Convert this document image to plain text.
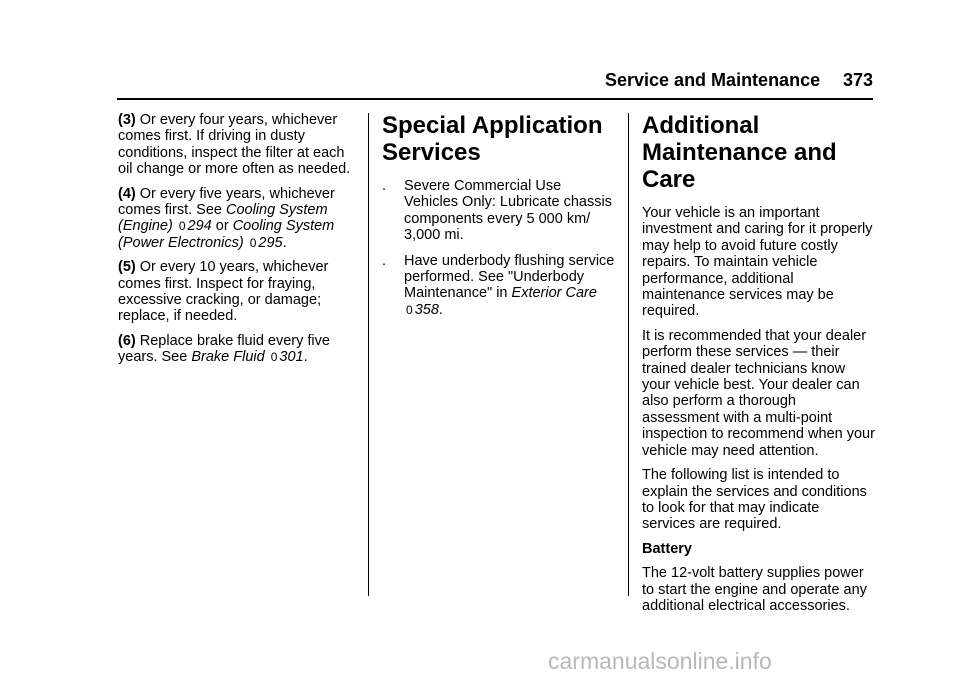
Service and Maintenance 373

(3) Or every four years, whichever comes first. If driving in dusty conditions, inspect the filter at each oil change or more often as needed.

(4) Or every five years, whichever comes first. See Cooling System (Engine) 0 294 or Cooling System (Power Electronics) 0 295.

(5) Or every 10 years, whichever comes first. Inspect for fraying, excessive cracking, or damage; replace, if needed.

(6) Replace brake fluid every five years. See Brake Fluid 0 301.

Special Application Services
.	Severe Commercial Use Vehicles Only: Lubricate chassis components every 5 000 km/ 3,000 mi.
.	Have underbody flushing service performed. See "Underbody Maintenance" in Exterior Care
0 358.
Additional Maintenance and Care

Your vehicle is an important investment and caring for it properly may help to avoid future costly repairs. To maintain vehicle performance, additional maintenance services may be required.

It is recommended that your dealer perform these services — their trained dealer technicians know your vehicle best. Your dealer can also perform a thorough assessment with a multi-point inspection to recommend when your vehicle may need attention.

The following list is intended to explain the services and conditions to look for that may indicate services are required.

Battery

The 12-volt battery supplies power to start the engine and operate any additional electrical accessories.

carmanualsonline.info
